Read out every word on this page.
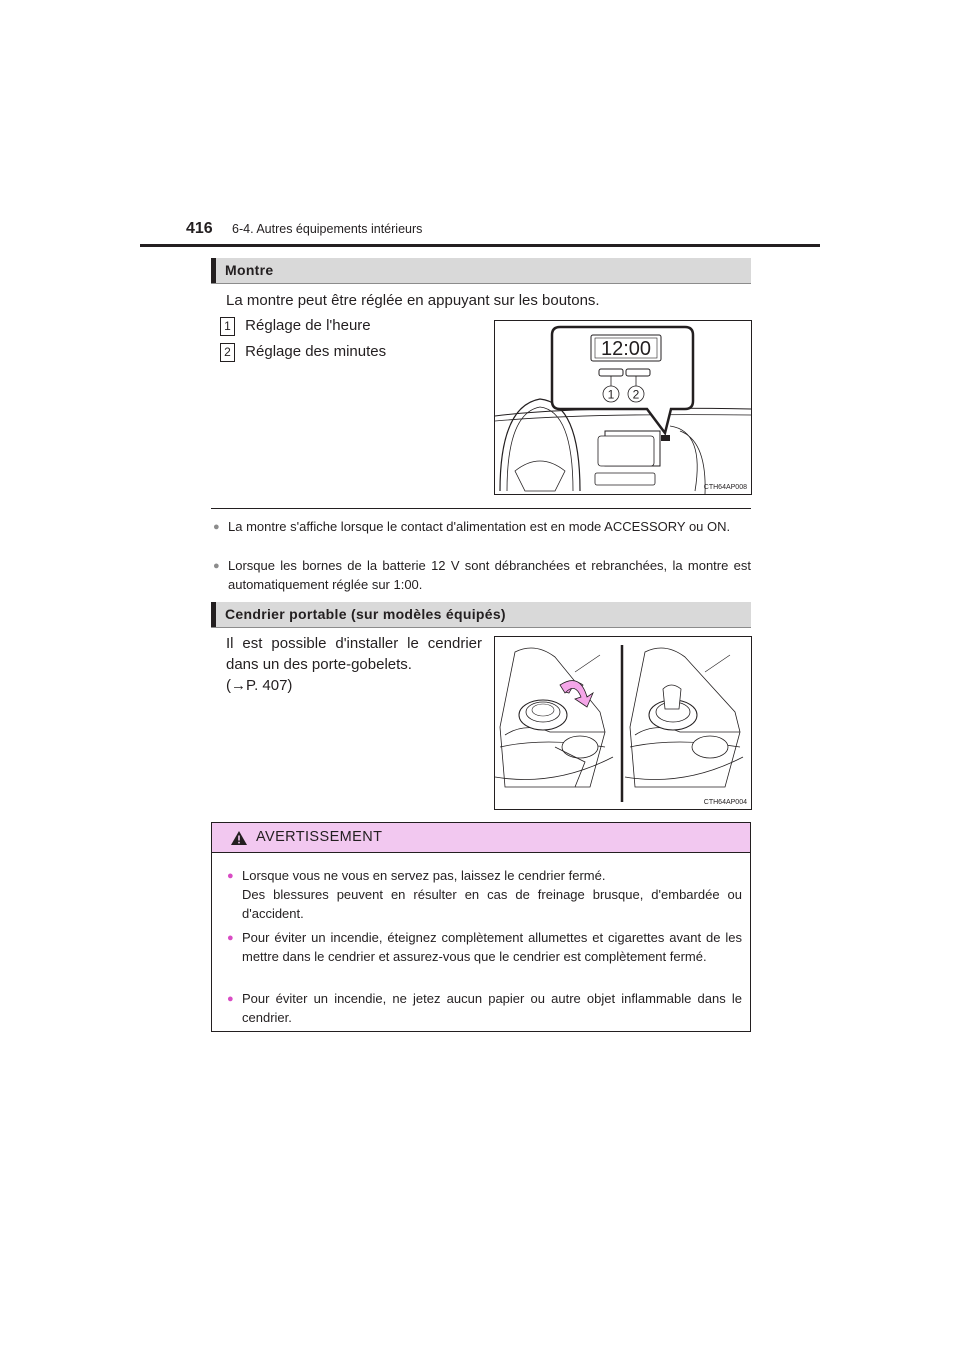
416 6-4. Autres équipements intérieurs
Montre
La montre peut être réglée en appuyant sur les boutons.
1 Réglage de l'heure
2 Réglage des minutes	12:00
1 2
CTH64AP008
● La montre s'affiche lorsque le contact d'alimentation est en mode ACCESSORY ou ON.
● Lorsque les bornes de la batterie 12 V sont débranchées et rebranchées, la montre est automatiquement réglée sur 1:00.
Cendrier portable (sur modèles équipés)
Il est possible d'installer le cendrier
dans un des porte-gobelets.
(→P. 407)
CTH64AP004
AVERTISSEMENT
● Lorsque vous ne vous en servez pas, laissez le cendrier fermé.
Des blessures peuvent en résulter en cas de freinage brusque, d'embardée ou d'accident.
● Pour éviter un incendie, éteignez complètement allumettes et cigarettes avant de les mettre dans le cendrier et assurez-vous que le cendrier est complètement fermé.
● Pour éviter un incendie, ne jetez aucun papier ou autre objet inflammable dans le cendrier.
